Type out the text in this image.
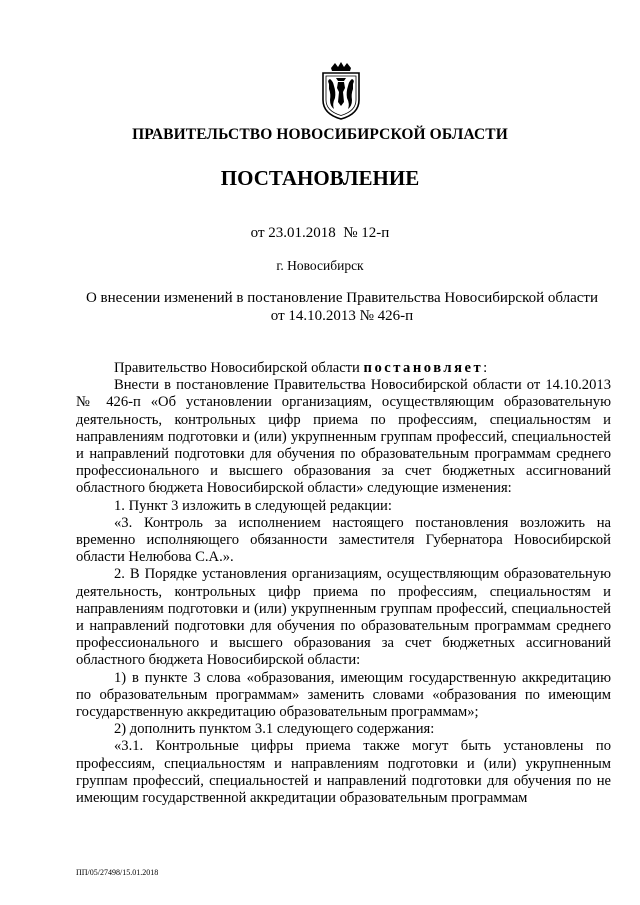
ПРАВИТЕЛЬСТВО НОВОСИБИРСКОЙ ОБЛАСТИ
ПОСТАНОВЛЕНИЕ
от 23.01.2018  № 12-п
г. Новосибирск
О внесении изменений в постановление Правительства Новосибирской области
от 14.10.2013 № 426-п

Правительство Новосибирской области постановляет:

Внести в постановление Правительства Новосибирской области от 14.10.2013 № 426-п «Об установлении организациям, осуществляющим образовательную деятельность, контрольных цифр приема по профессиям, специальностям и направлениям подготовки и (или) укрупненным группам профессий, специальностей и направлений подготовки для обучения по образовательным программам среднего профессионального и высшего образования за счет бюджетных ассигнований областного бюджета Новосибирской области» следующие изменения:

1. Пункт 3 изложить в следующей редакции:

«3. Контроль за исполнением настоящего постановления возложить на временно исполняющего обязанности заместителя Губернатора Новосибирской области Нелюбова С.А.».

2. В Порядке установления организациям, осуществляющим образовательную деятельность, контрольных цифр приема по профессиям, специальностям и направлениям подготовки и (или) укрупненным группам профессий, специальностей и направлений подготовки для обучения по образовательным программам среднего профессионального и высшего образования за счет бюджетных ассигнований областного бюджета Новосибирской области:

1) в пункте 3 слова «образования, имеющим государственную аккредитацию по образовательным программам» заменить словами «образования по имеющим государственную аккредитацию образовательным программам»;

2) дополнить пунктом 3.1 следующего содержания:

«3.1. Контрольные цифры приема также могут быть установлены по профессиям, специальностям и направлениям подготовки и (или) укрупненным группам профессий, специальностей и направлений подготовки для обучения по не имеющим государственной аккредитации образовательным программам

ПП/05/27498/15.01.2018
